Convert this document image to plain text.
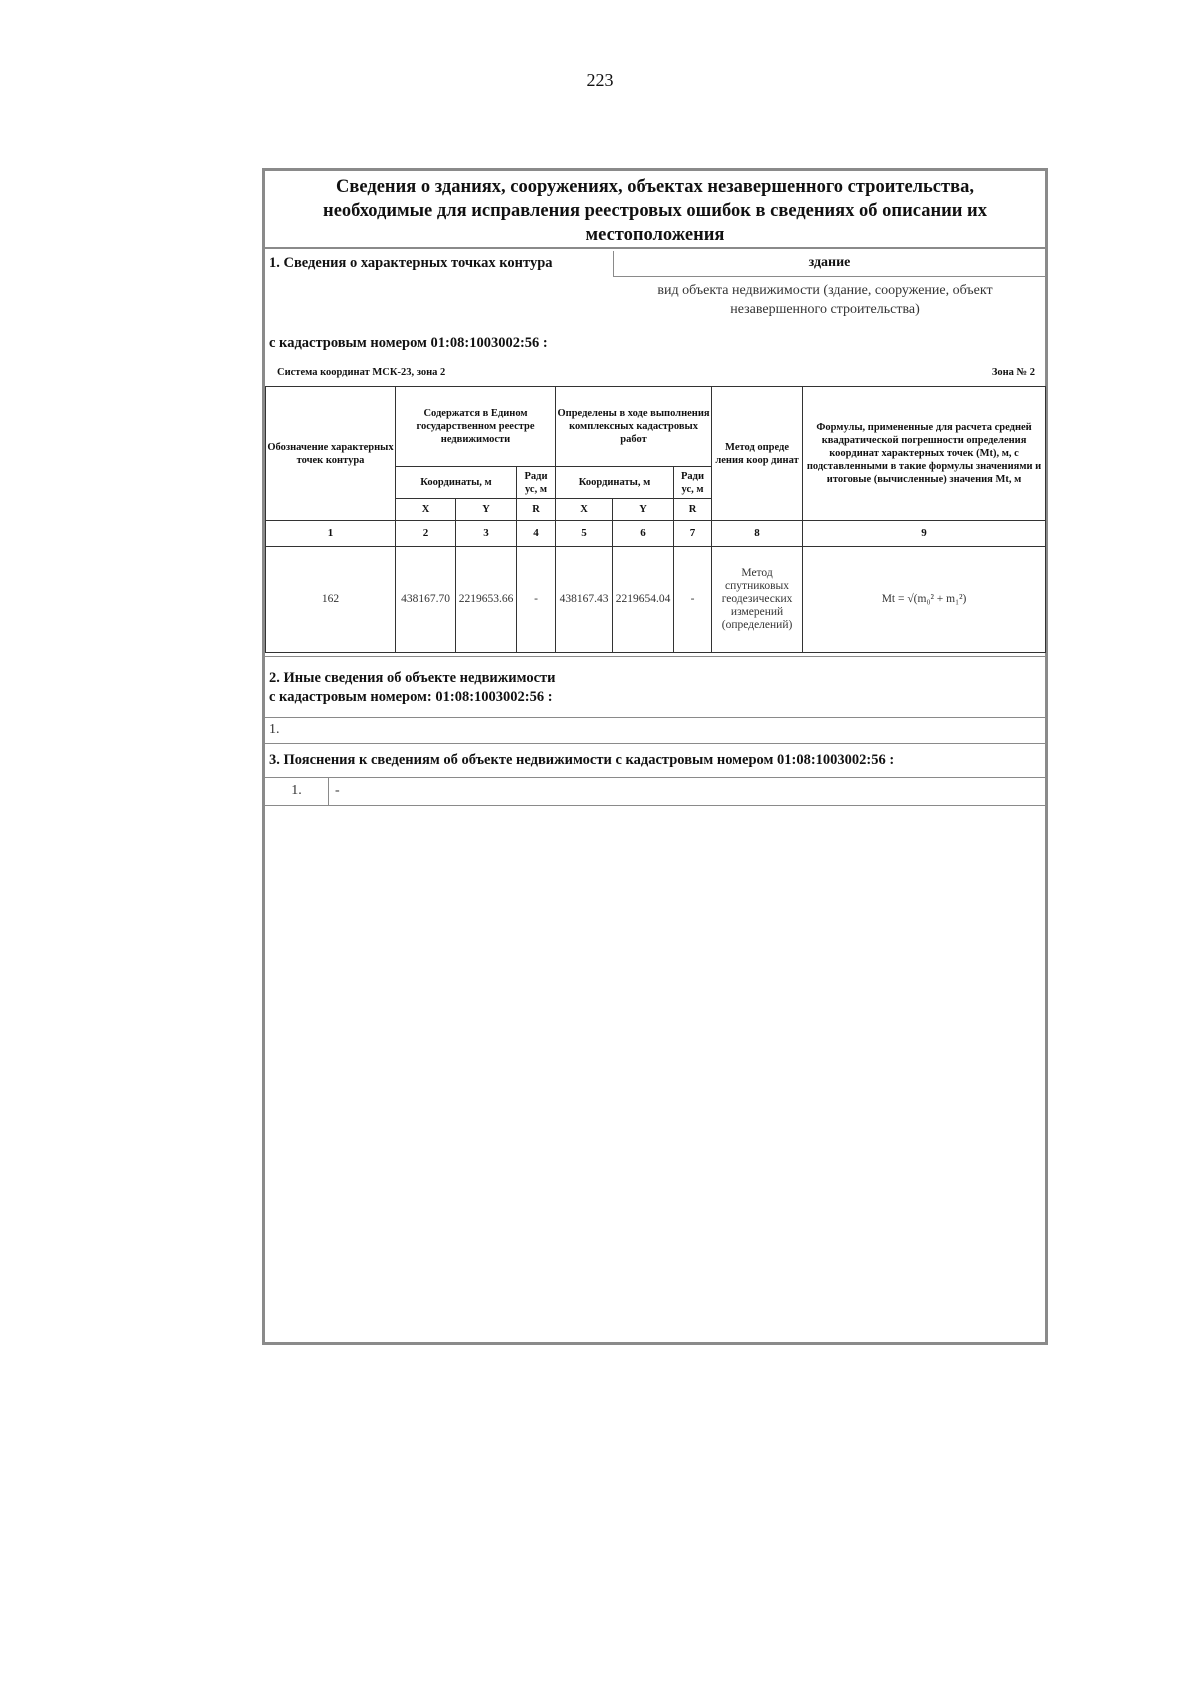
223
Сведения о зданиях, сооружениях, объектах незавершенного строительства,
необходимые для исправления реестровых ошибок в сведениях об описании их
местоположения
1. Сведения о характерных точках контура	здание
вид объекта недвижимости (здание, сооружение, объект незавершенного строительства)
с кадастровым номером 01:08:1003002:56 :
Система координат МСК-23, зона 2	Зона № 2
Обозначение характерных точек контура	Содержатся в Едином государственном реестре недвижимости			Определены в ходе выполнения комплексных кадастровых работ			Метод опреде ления коор динат	Формулы, примененные для расчета средней квадратической погрешности определения координат характерных точек (Mt), м, с подставленными в такие формулы значениями и итоговые (вычисленные) значения Mt, м
	Координаты, м		Ради ус, м	Координаты, м		Ради ус, м		
	X	Y	R	X	Y	R		
1	2	3	4	5	6	7	8	9
162	438167.70	2219653.66	-	438167.43	2219654.04	-	Метод спутниковых геодезических измерений (определений)	Mt = √(m₀² + m₁²)
2. Иные сведения об объекте недвижимости
с кадастровым номером: 01:08:1003002:56 :
1.
3. Пояснения к сведениям об объекте недвижимости с кадастровым номером 01:08:1003002:56 :
1.	-
